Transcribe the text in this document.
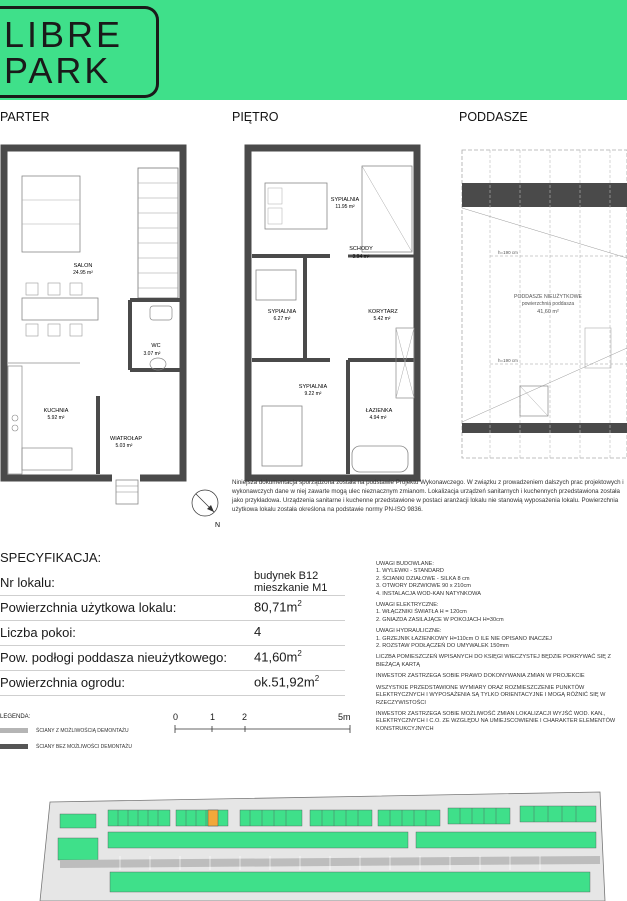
LIBRE
PARK
PARTER	PIĘTRO	PODDASZE
SALON
24.95 m²
WC
3.07 m²
KUCHNIA
5.92 m²
WIATROŁAP
5.03 m²
SYPIALNIA
11.95 m²
SCHODY
3.94 m²
SYPIALNIA
6.27 m²
KORYTARZ
5.42 m²
SYPIALNIA
9.22 m²
ŁAZIENKA
4.94 m²
h=190 cm
h=190 cm
PODDASZE NIEUŻYTKOWE
powierzchnia poddasza
41,60 m²
N
Niniejsza dokumentacja sporządzona została na podstawie Projektu Wykonawczego. W związku z prowadzeniem dalszych prac projektowych i wykonawczych dane w niej zawarte mogą ulec nieznacznym zmianom. Lokalizacja urządzeń sanitarnych i kuchennych przedstawiona została jako przykładowa. Urządzenia sanitarne i kuchenne przedstawione w postaci aranżacji lokalu nie stanowią wyposażenia lokalu. Powierzchnia użytkowa lokalu została określona na podstawie normy PN-ISO 9836.
SPECYFIKACJA:
Nr lokalu:	budynek B12
mieszkanie M1
Powierzchnia użytkowa lokalu:	$80,71m^2$
Liczba pokoi:	4
Pow. podłogi poddasza nieużytkowego: $41,60m^2$
Powierzchnia ogrodu:	$ok.51,92m^2$
UWAGI BUDOWLANE:
1. WYLEWKI - STANDARD
2. ŚCIANKI DZIAŁOWE - SILKA 8 cm
3. OTWORY DRZWIOWE 90 x 210cm
4. INSTALACJA WOD-KAN NATYNKOWA
UWAGI ELEKTRYCZNE:
1. WŁĄCZNIKI ŚWIATŁA H = 120cm
2. GNIAZDA ZASILAJĄCE W POKOJACH H=30cm
UWAGI HYDRAULICZNE:
1. GRZEJNIK ŁAZIENKOWY H=110cm O ILE NIE OPISANO INACZEJ
2. ROZSTAW PODŁĄCZEŃ DO UMYWALEK 150mm
LICZBA POMIESZCZEŃ WPISANYCH DO KSIĘGI WIECZYSTEJ BĘDZIE POKRYWAĆ SIĘ Z BIEŻĄCĄ KARTĄ
INWESTOR ZASTRZEGA SOBIE PRAWO DOKONYWANIA ZMIAN W PROJEKCIE
WSZYSTKIE PRZEDSTAWIONE WYMIARY ORAZ ROZMIESZCZENIE PUNKTÓW ELEKTRYCZNYCH I WYPOSAŻENIA SĄ TYLKO ORIENTACYJNE I MOGĄ RÓŻNIĆ SIĘ W RZECZYWISTOŚCI
INWESTOR ZASTRZEGA SOBIE MOŻLIWOŚĆ ZMIAN LOKALIZACJI WYJŚĆ WOD. KAN., ELEKTRYCZNYCH I C.O. ZE WZGLĘDU NA UMIEJSCOWIENIE I CHARAKTER ELEMENTÓW KONSTRUKCYJNYCH
LEGENDA:
ŚCIANY Z MOŻLIWOŚCIĄ DEMONTAŻU
ŚCIANY BEZ MOŻLIWOŚCI DEMONTAŻU
0	1	2	5m
